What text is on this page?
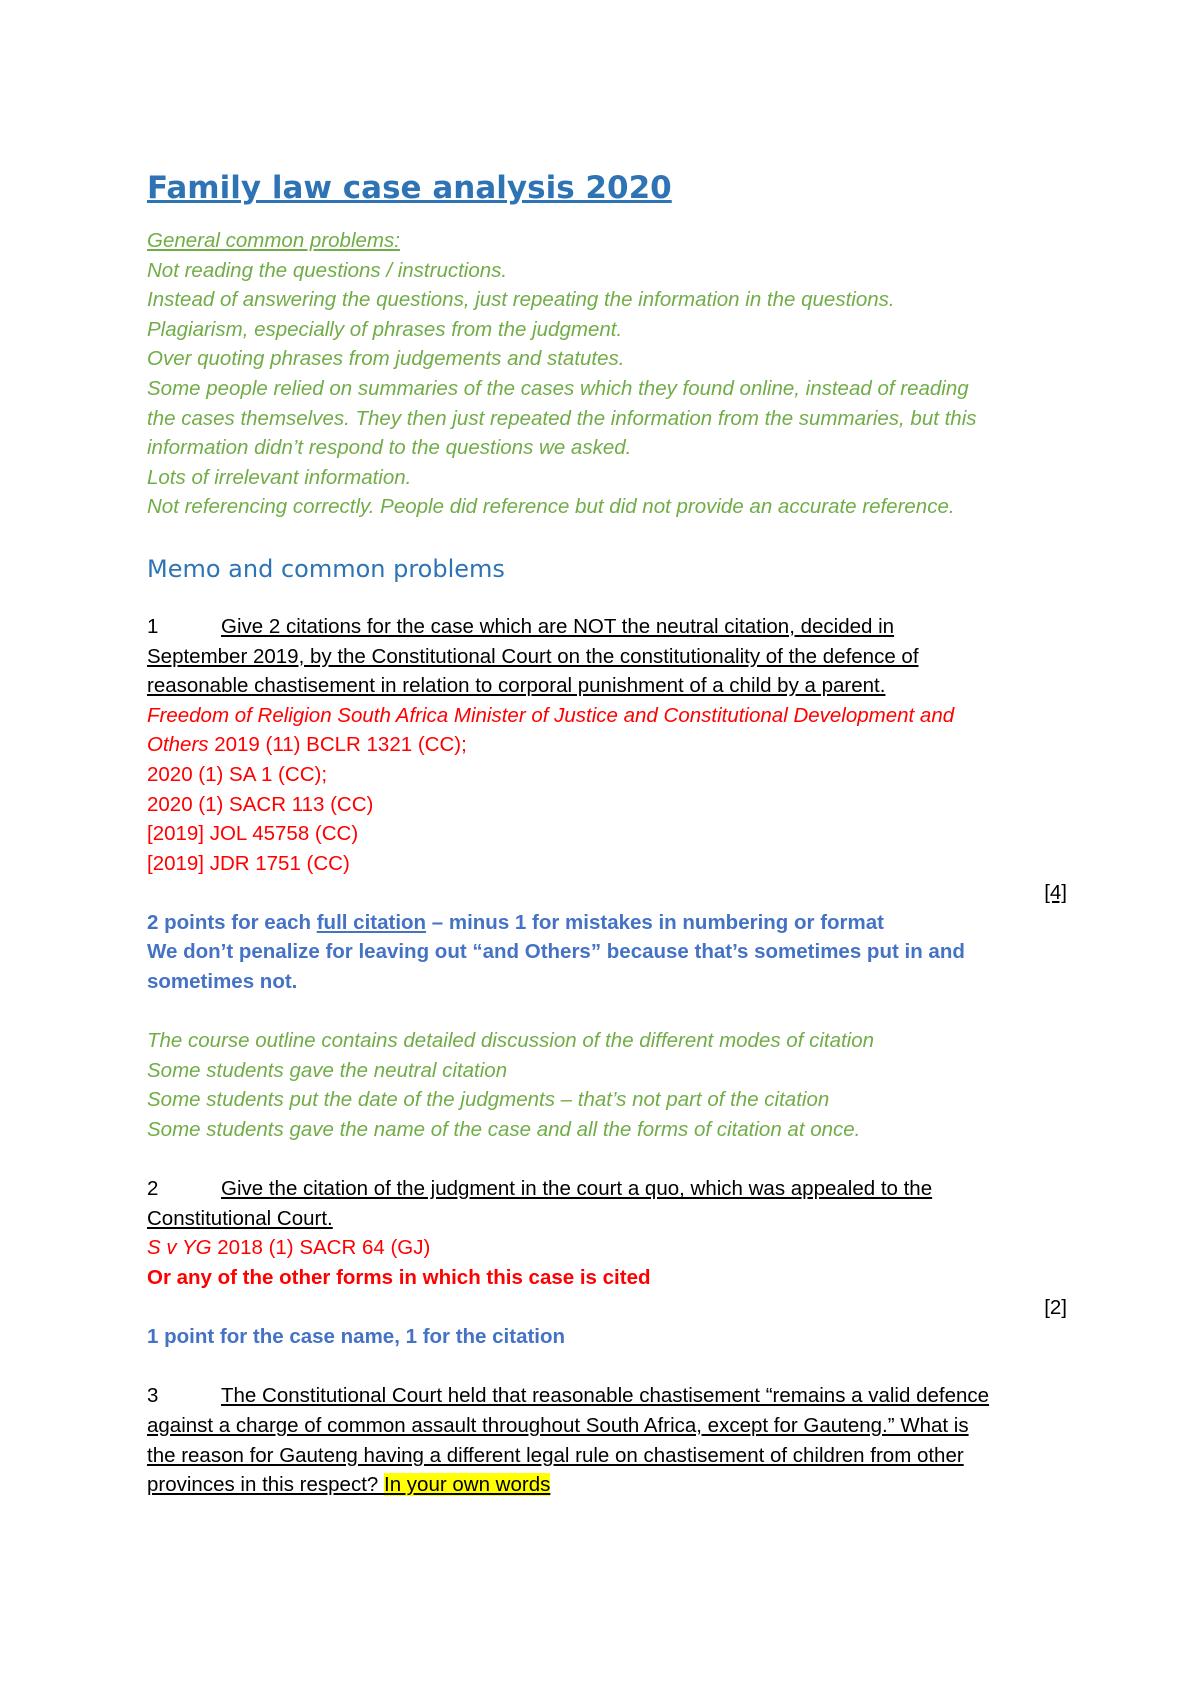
Family law case analysis 2020
General common problems:
Not reading the questions / instructions.
Instead of answering the questions, just repeating the information in the questions.
Plagiarism, especially of phrases from the judgment.
Over quoting phrases from judgements and statutes.
Some people relied on summaries of the cases which they found online, instead of reading
the cases themselves. They then just repeated the information from the summaries, but this
information didn’t respond to the questions we asked.
Lots of irrelevant information.
Not referencing correctly. People did reference but did not provide an accurate reference.
Memo and common problems
1	Give 2 citations for the case which are NOT the neutral citation, decided in
September 2019, by the Constitutional Court on the constitutionality of the defence of
reasonable chastisement in relation to corporal punishment of a child by a parent.
Freedom of Religion South Africa Minister of Justice and Constitutional Development and
Others 2019 (11) BCLR 1321 (CC);
2020 (1) SA 1 (CC);
2020 (1) SACR 113 (CC)
[2019] JOL 45758 (CC)
[2019] JDR 1751 (CC)
[4]
2 points for each full citation – minus 1 for mistakes in numbering or format
We don’t penalize for leaving out “and Others” because that’s sometimes put in and
sometimes not.
The course outline contains detailed discussion of the different modes of citation
Some students gave the neutral citation
Some students put the date of the judgments – that’s not part of the citation
Some students gave the name of the case and all the forms of citation at once.
2	Give the citation of the judgment in the court a quo, which was appealed to the
Constitutional Court.
S v YG 2018 (1) SACR 64 (GJ)
Or any of the other forms in which this case is cited
[2]
1 point for the case name, 1 for the citation
3	The Constitutional Court held that reasonable chastisement “remains a valid defence
against a charge of common assault throughout South Africa, except for Gauteng.” What is
the reason for Gauteng having a different legal rule on chastisement of children from other
provinces in this respect? In your own words
